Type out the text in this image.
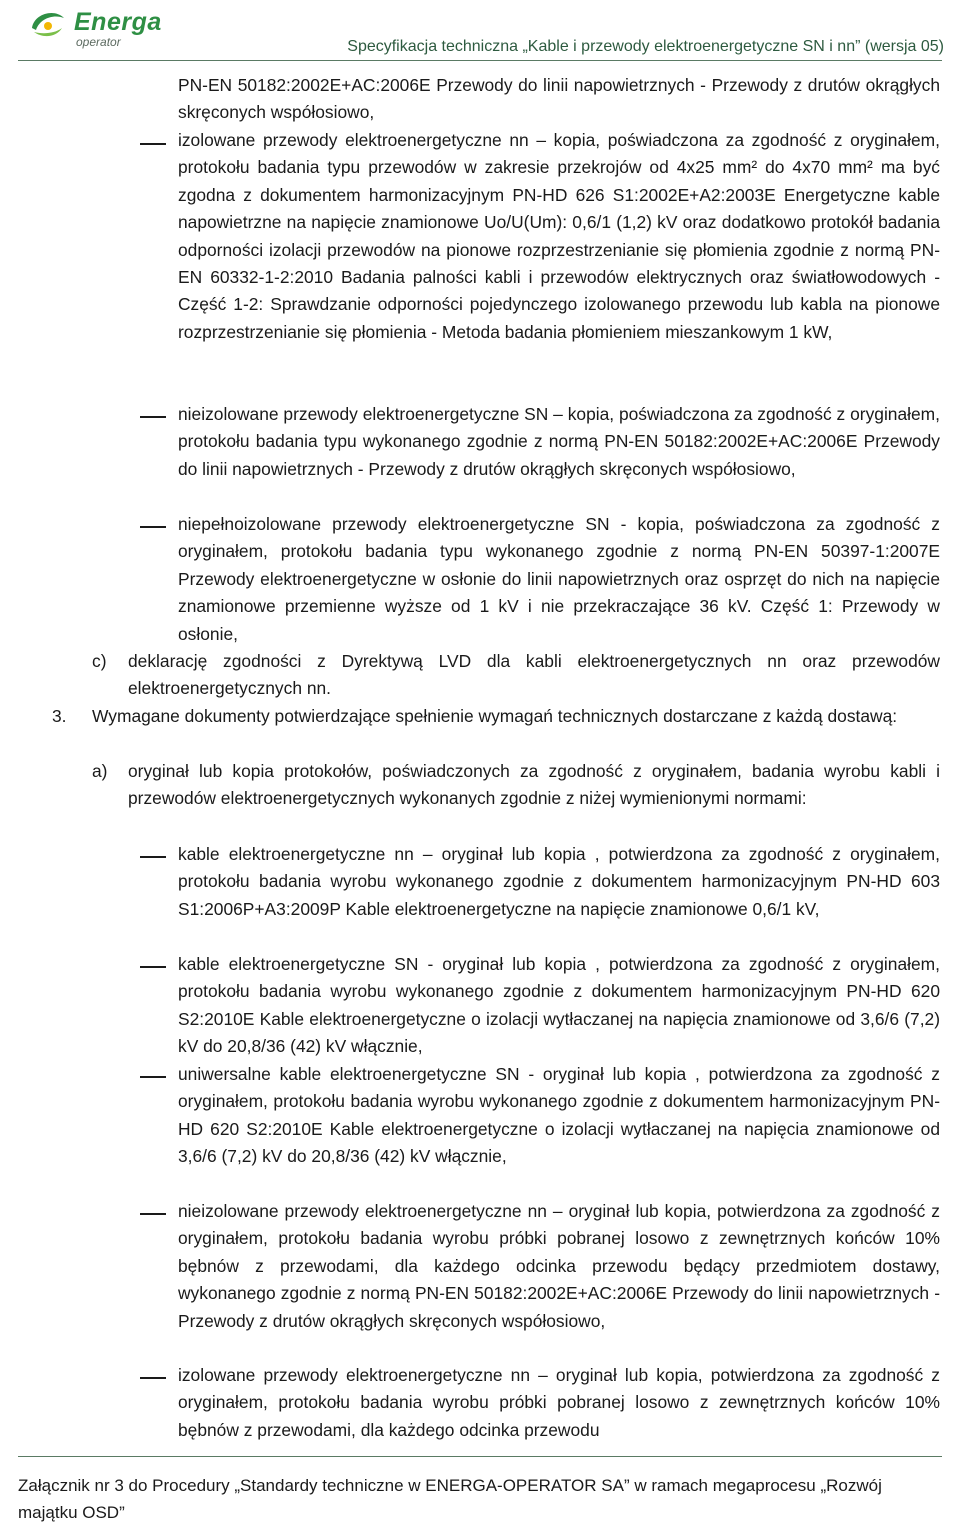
Energa
operator	Specyfikacja techniczna „Kable i przewody elektroenergetyczne SN i nn” (wersja 05)
PN-EN 50182:2002E+AC:2006E Przewody do linii napowietrznych - Przewody z drutów okrągłych skręconych współosiowo,
izolowane przewody elektroenergetyczne nn – kopia, poświadczona za zgodność z oryginałem, protokołu badania typu przewodów w zakresie przekrojów od 4x25 mm² do 4x70 mm² ma być zgodna z dokumentem harmonizacyjnym PN-HD 626 S1:2002E+A2:2003E Energetyczne kable napowietrzne na napięcie znamionowe Uo/U(Um): 0,6/1 (1,2) kV oraz dodatkowo protokół badania odporności izolacji przewodów na pionowe rozprzestrzenianie się płomienia zgodnie z normą PN-EN 60332-1-2:2010 Badania palności kabli i przewodów elektrycznych oraz światłowodowych - Część 1-2: Sprawdzanie odporności pojedynczego izolowanego przewodu lub kabla na pionowe rozprzestrzenianie się płomienia - Metoda badania płomieniem mieszankowym 1 kW,
nieizolowane przewody elektroenergetyczne SN – kopia, poświadczona za zgodność z oryginałem, protokołu badania typu wykonanego zgodnie z normą PN-EN 50182:2002E+AC:2006E Przewody do linii napowietrznych - Przewody z drutów okrągłych skręconych współosiowo,
niepełnoizolowane przewody elektroenergetyczne SN - kopia, poświadczona za zgodność z oryginałem, protokołu badania typu wykonanego zgodnie z normą PN-EN 50397-1:2007E Przewody elektroenergetyczne w osłonie do linii napowietrznych oraz osprzęt do nich na napięcie znamionowe przemienne wyższe od 1 kV i nie przekraczające 36 kV. Część 1: Przewody w osłonie,
c) deklarację zgodności z Dyrektywą LVD dla kabli elektroenergetycznych nn oraz przewodów elektroenergetycznych nn.
3. Wymagane dokumenty potwierdzające spełnienie wymagań technicznych dostarczane z każdą dostawą:
a) oryginał lub kopia protokołów, poświadczonych za zgodność z oryginałem, badania wyrobu kabli i przewodów elektroenergetycznych wykonanych zgodnie z niżej wymienionymi normami:
kable elektroenergetyczne nn – oryginał lub kopia , potwierdzona za zgodność z oryginałem, protokołu badania wyrobu wykonanego zgodnie z dokumentem harmonizacyjnym PN-HD 603 S1:2006P+A3:2009P Kable elektroenergetyczne na napięcie znamionowe 0,6/1 kV,
kable elektroenergetyczne SN - oryginał lub kopia , potwierdzona za zgodność z oryginałem, protokołu badania wyrobu wykonanego zgodnie z dokumentem harmonizacyjnym PN-HD 620 S2:2010E Kable elektroenergetyczne o izolacji wytłaczanej na napięcia znamionowe od 3,6/6 (7,2) kV do 20,8/36 (42) kV włącznie,
uniwersalne kable elektroenergetyczne SN - oryginał lub kopia , potwierdzona za zgodność z oryginałem, protokołu badania wyrobu wykonanego zgodnie z dokumentem harmonizacyjnym PN-HD 620 S2:2010E Kable elektroenergetyczne o izolacji wytłaczanej na napięcia znamionowe od 3,6/6 (7,2) kV do 20,8/36 (42) kV włącznie,
nieizolowane przewody elektroenergetyczne nn – oryginał lub kopia, potwierdzona za zgodność z oryginałem, protokołu badania wyrobu próbki pobranej losowo z zewnętrznych końców 10% bębnów z przewodami, dla każdego odcinka przewodu będący przedmiotem dostawy, wykonanego zgodnie z normą PN-EN 50182:2002E+AC:2006E Przewody do linii napowietrznych - Przewody z drutów okrągłych skręconych współosiowo,
izolowane przewody elektroenergetyczne nn – oryginał lub kopia, potwierdzona za zgodność z oryginałem, protokołu badania wyrobu próbki pobranej losowo z zewnętrznych końców 10% bębnów z przewodami, dla każdego odcinka przewodu
Załącznik nr 3 do Procedury „Standardy techniczne w ENERGA-OPERATOR SA” w ramach megaprocesu „Rozwój majątku OSD”
